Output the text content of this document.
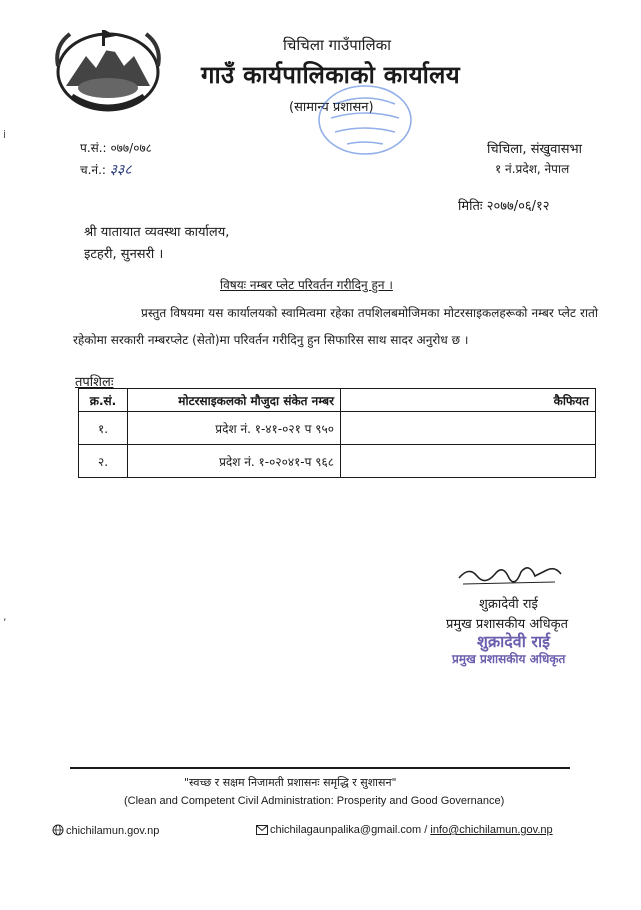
चिचिला गाउँपालिका
गाउँ कार्यपालिकाको कार्यालय
(सामान्य प्रशासन)
i
,
प.सं.: ०७७/०७८
च.नं.: ३३८
चिचिला, संखुवासभा
१ नं.प्रदेश, नेपाल
मितिः २०७७/०६/१२
श्री यातायात व्यवस्था कार्यालय,
इटहरी, सुनसरी ।
विषयः नम्बर प्लेट परिवर्तन गरीदिनु हुन ।
प्रस्तुत विषयमा यस कार्यालयको स्वामित्वमा रहेका तपशिलबमोजिमका मोटरसाइकलहरूको नम्बर प्लेट रातो रहेकोमा सरकारी नम्बरप्लेट (सेतो)मा परिवर्तन गरीदिनु हुन सिफारिस साथ सादर अनुरोध छ ।
तपशिलः
क्र.सं.	मोटरसाइकलको मौजुदा संकेत नम्बर	कैफियत
१.	प्रदेश नं. १-४१-०२१ प ९५०	
२.	प्रदेश नं. १-०२०४१-प ९६८	
शुक्रादेवी राई
प्रमुख प्रशासकीय अधिकृत
शुक्रादेवी राई
प्रमुख प्रशासकीय अधिकृत
"स्वच्छ र सक्षम निजामती प्रशासनः समृद्धि र सुशासन"
(Clean and Competent Civil Administration: Prosperity and Good Governance)
chichilamun.gov.np	chichilagaunpalika@gmail.com / info@chichilamun.gov.np
